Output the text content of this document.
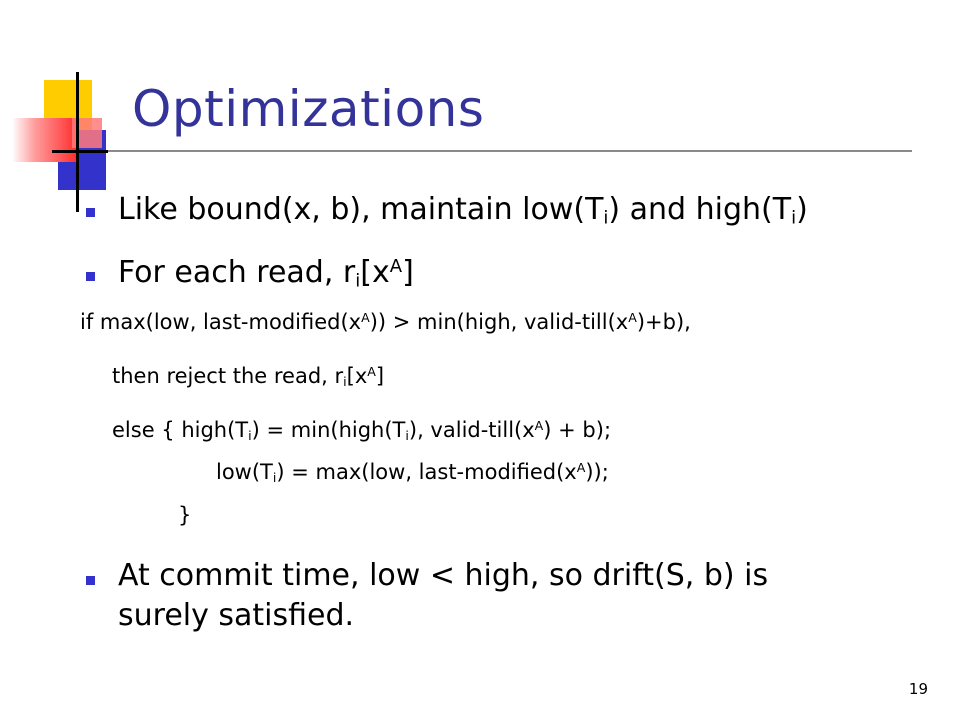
Optimizations
Like bound(x, b), maintain $low(T_i)$ and $high(T_i)$
For each read, $r_i[x^A]$
if max(low, last-$modified(x^A)$) > min(high, valid-$till(x^A)+b$),
then reject the read, $r_i[x^A]$
else { $high(T_i)$ = $\min(high(T_i)$, valid-$till(x^A) + b$);
$low(T_i) = \max(low$, last-$modified(x^A)$);
}
At commit time, low < high, so drift(S, b) is
surely satisfied.
19
